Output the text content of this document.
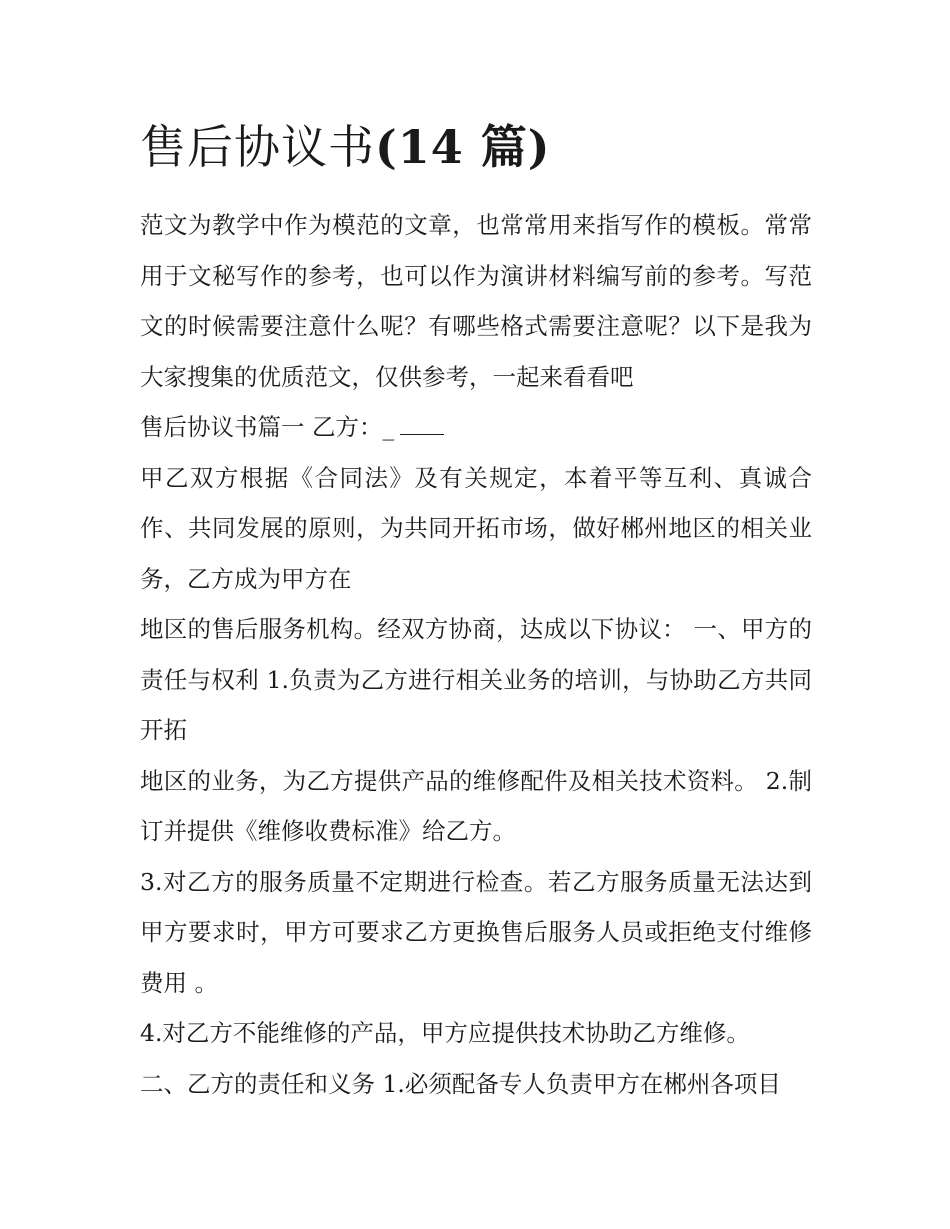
售后协议书(14 篇)

范文为教学中作为模范的文章，也常常用来指写作的模板。常常用于文秘写作的参考，也可以作为演讲材料编写前的参考。写范文的时候需要注意什么呢？有哪些格式需要注意呢？以下是我为大家搜集的优质范文，仅供参考，一起来看看吧

售后协议书篇一 乙方：_

甲乙双方根据《合同法》及有关规定，本着平等互利、真诚合作、共同发展的原则，为共同开拓市场，做好郴州地区的相关业务，乙方成为甲方在

地区的售后服务机构。经双方协商，达成以下协议： 一、甲方的责任与权利 1.负责为乙方进行相关业务的培训，与协助乙方共同开拓

地区的业务，为乙方提供产品的维修配件及相关技术资料。 2.制订并提供《维修收费标准》给乙方。

3.对乙方的服务质量不定期进行检查。若乙方服务质量无法达到甲方要求时，甲方可要求乙方更换售后服务人员或拒绝支付维修费用 。

4.对乙方不能维修的产品，甲方应提供技术协助乙方维修。

二、乙方的责任和义务 1.必须配备专人负责甲方在郴州各项目
